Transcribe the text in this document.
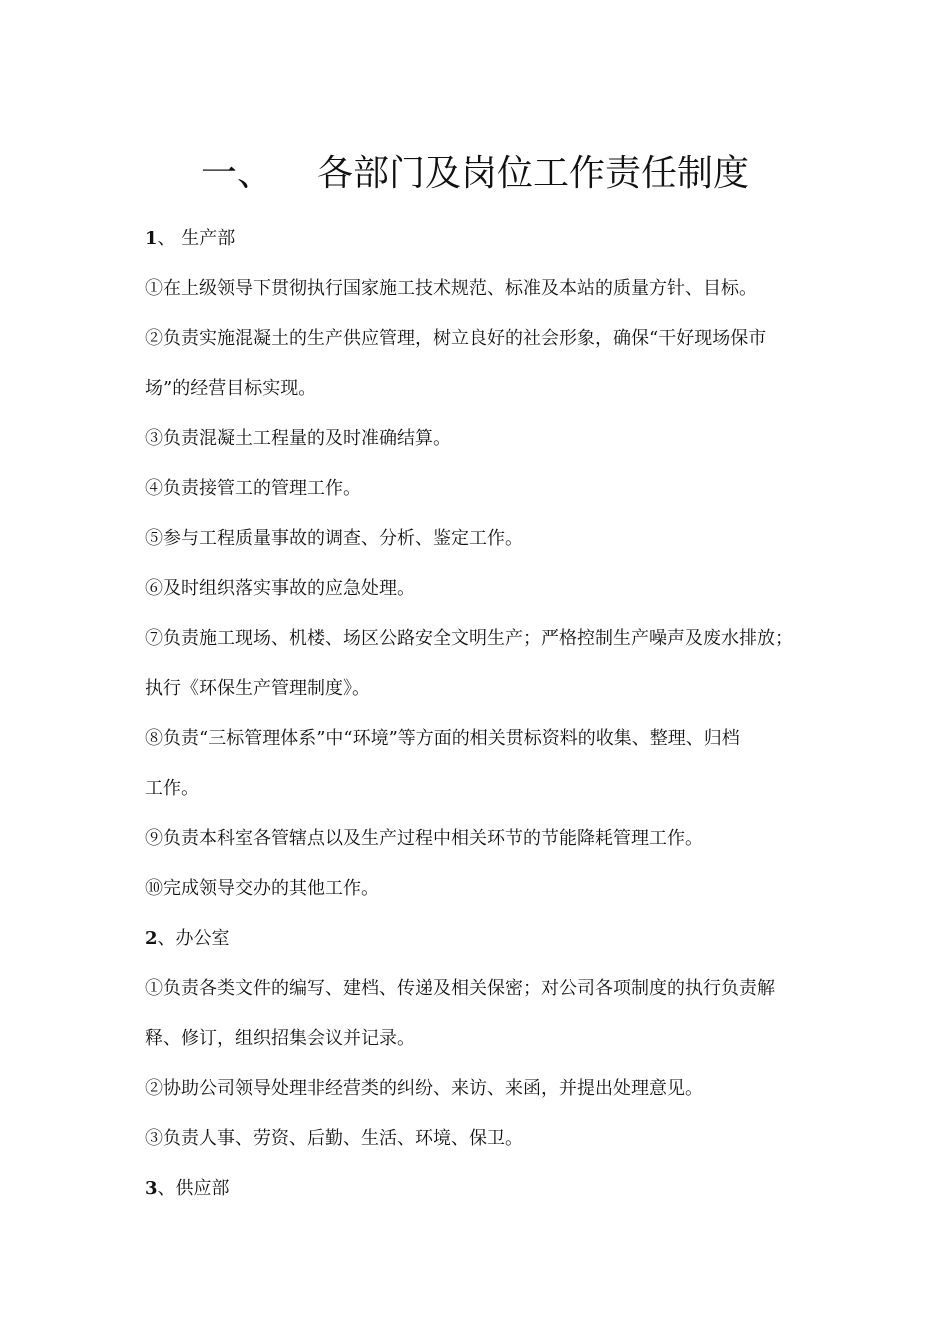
一、 各部门及岗位工作责任制度
1、 生产部
①在上级领导下贯彻执行国家施工技术规范、标准及本站的质量方针、目标。
②负责实施混凝土的生产供应管理，树立良好的社会形象，确保“干好现场保市
场”的经营目标实现。
③负责混凝土工程量的及时准确结算。
④负责接管工的管理工作。
⑤参与工程质量事故的调查、分析、鉴定工作。
⑥及时组织落实事故的应急处理。
⑦负责施工现场、机楼、场区公路安全文明生产；严格控制生产噪声及废水排放；
执行《环保生产管理制度》。
⑧负责“三标管理体系”中“环境”等方面的相关贯标资料的收集、整理、归档
工作。
⑨负责本科室各管辖点以及生产过程中相关环节的节能降耗管理工作。
⑩完成领导交办的其他工作。
2、办公室
①负责各类文件的编写、建档、传递及相关保密；对公司各项制度的执行负责解
释、修订，组织招集会议并记录。
②协助公司领导处理非经营类的纠纷、来访、来函，并提出处理意见。
③负责人事、劳资、后勤、生活、环境、保卫。
3、供应部
